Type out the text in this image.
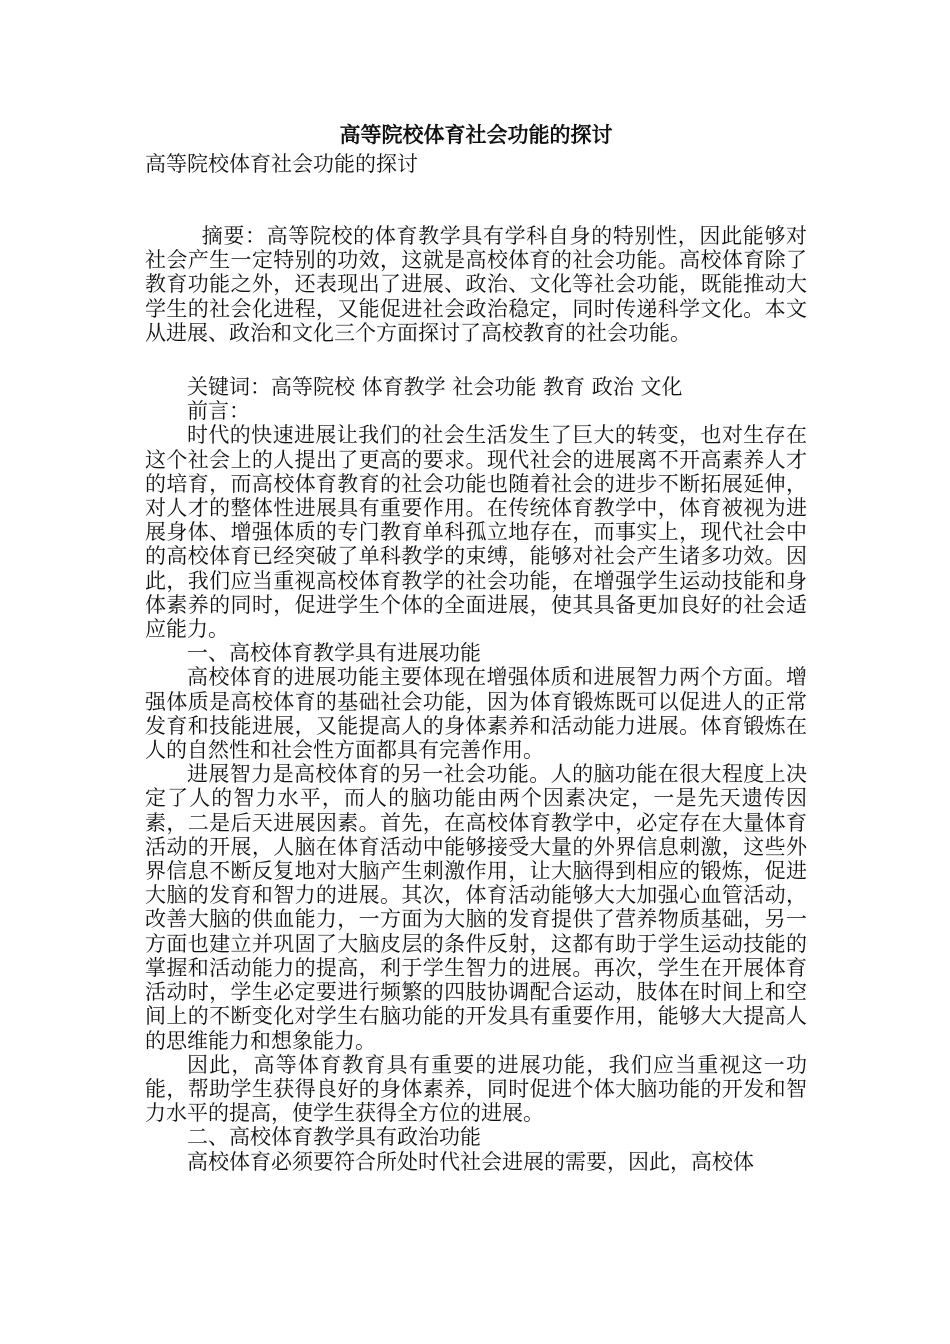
高等院校体育社会功能的探讨

高等院校体育社会功能的探讨

摘要：高等院校的体育教学具有学科自身的特别性，因此能够对社会产生一定特别的功效，这就是高校体育的社会功能。高校体育除了教育功能之外，还表现出了进展、政治、文化等社会功能，既能推动大学生的社会化进程，又能促进社会政治稳定，同时传递科学文化。本文从进展、政治和文化三个方面探讨了高校教育的社会功能。

关键词：高等院校 体育教学 社会功能 教育 政治 文化

前言：

时代的快速进展让我们的社会生活发生了巨大的转变，也对生存在这个社会上的人提出了更高的要求。现代社会的进展离不开高素养人才的培育，而高校体育教育的社会功能也随着社会的进步不断拓展延伸，对人才的整体性进展具有重要作用。在传统体育教学中，体育被视为进展身体、增强体质的专门教育单科孤立地存在，而事实上，现代社会中的高校体育已经突破了单科教学的束缚，能够对社会产生诸多功效。因此，我们应当重视高校体育教学的社会功能，在增强学生运动技能和身体素养的同时，促进学生个体的全面进展，使其具备更加良好的社会适应能力。

一、高校体育教学具有进展功能

高校体育的进展功能主要体现在增强体质和进展智力两个方面。增强体质是高校体育的基础社会功能，因为体育锻炼既可以促进人的正常发育和技能进展，又能提高人的身体素养和活动能力进展。体育锻炼在人的自然性和社会性方面都具有完善作用。

进展智力是高校体育的另一社会功能。人的脑功能在很大程度上决定了人的智力水平，而人的脑功能由两个因素决定，一是先天遗传因素，二是后天进展因素。首先，在高校体育教学中，必定存在大量体育活动的开展，人脑在体育活动中能够接受大量的外界信息刺激，这些外界信息不断反复地对大脑产生刺激作用，让大脑得到相应的锻炼，促进大脑的发育和智力的进展。其次，体育活动能够大大加强心血管活动，改善大脑的供血能力，一方面为大脑的发育提供了营养物质基础，另一方面也建立并巩固了大脑皮层的条件反射，这都有助于学生运动技能的掌握和活动能力的提高，利于学生智力的进展。再次，学生在开展体育活动时，学生必定要进行频繁的四肢协调配合运动，肢体在时间上和空间上的不断变化对学生右脑功能的开发具有重要作用，能够大大提高人的思维能力和想象能力。

因此，高等体育教育具有重要的进展功能，我们应当重视这一功能，帮助学生获得良好的身体素养，同时促进个体大脑功能的开发和智力水平的提高，使学生获得全方位的进展。

二、高校体育教学具有政治功能

高校体育必须要符合所处时代社会进展的需要，因此，高校体
